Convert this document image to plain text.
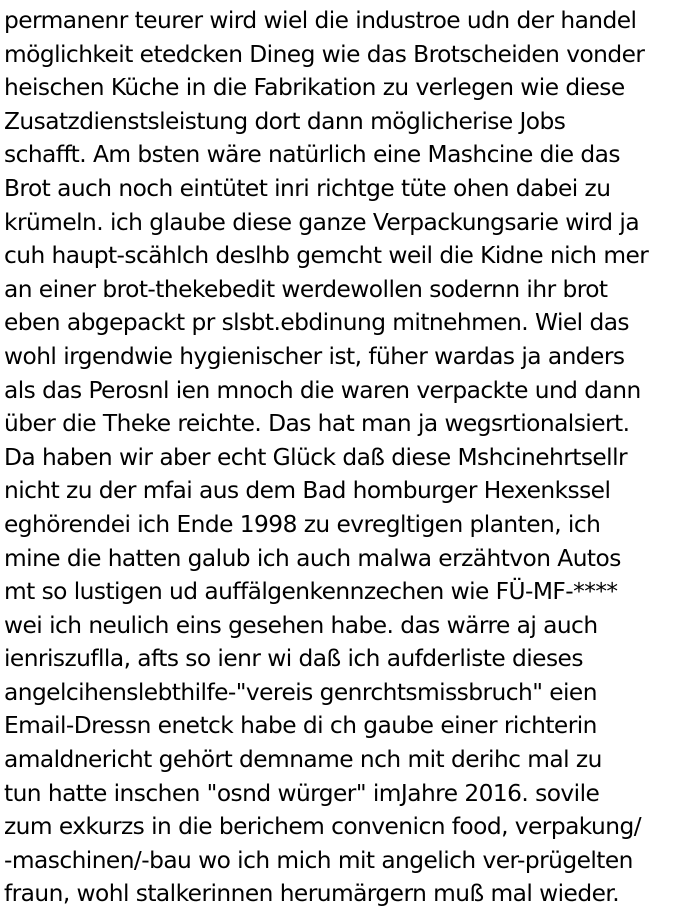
permanenr teurer wird wiel die industroe udn der handel
möglichkeit etedcken Dineg wie das Brotscheiden vonder
heischen Küche in die Fabrikation zu verlegen wie diese
Zusatzdienstsleistung dort dann möglicherise Jobs
schafft. Am bsten wäre natürlich eine Mashcine die das
Brot auch noch eintütet inri richtge tüte ohen dabei zu
krümeln. ich glaube diese ganze Verpackungsarie wird ja
cuh haupt-scählch deslhb gemcht weil die Kidne nich mer
an einer brot-thekebedit werdewollen sodernn ihr brot
eben abgepackt pr slsbt.ebdinung mitnehmen. Wiel das
wohl irgendwie hygienischer ist, füher wardas ja anders
als das Perosnl ien mnoch die waren verpackte und dann
über die Theke reichte. Das hat man ja wegsrtionalsiert.
Da haben wir aber echt Glück daß diese Mshcinehrtsellr
nicht zu der mfai aus dem Bad homburger Hexenkssel
eghörendei ich Ende 1998 zu evregltigen planten, ich
mine die hatten galub ich auch malwa erzähtvon Autos
mt so lustigen ud auffälgenkennzechen wie FÜ-MF-****
wei ich neulich eins gesehen habe. das wärre aj auch
ienriszuflla, afts so ienr wi daß ich aufderliste dieses
angelcihenslebthilfe-"vereis genrchtsmissbruch" eien
Email-Dressn enetck habe di ch gaube einer richterin
amaldnericht gehört demname nch mit derihc mal zu
tun hatte inschen "osnd würger" imJahre 2016. sovile
zum exkurzs in die berichem convenicn food, verpakung/
-maschinen/-bau wo ich mich mit angelich ver-prügelten
fraun, wohl stalkerinnen herumärgern muß mal wieder.
